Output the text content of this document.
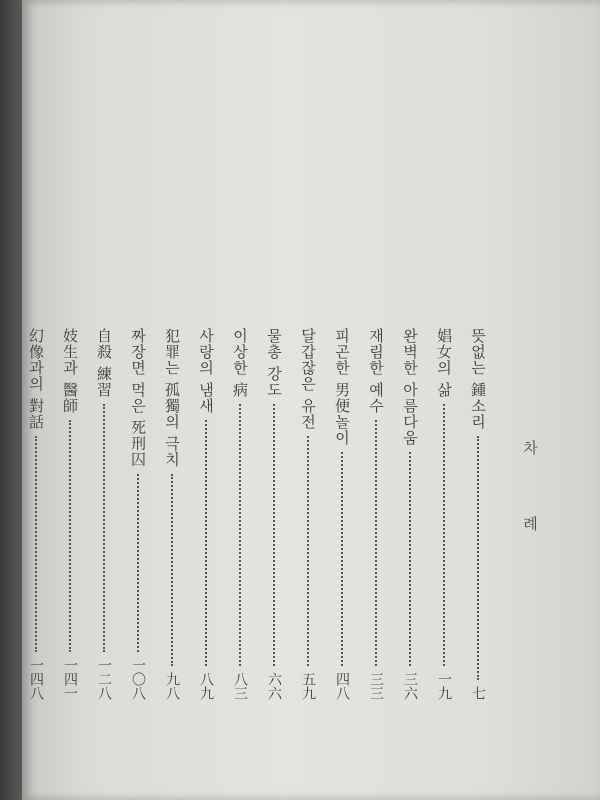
차 례
뜻없는 鍾소리
七
娼女의 삶
一九
완벽한 아름다움
三六
재림한 예수
三三
피곤한 男便놀이
四八
달갑잖은 유전
五九
물총 강도
六六
이상한 病
八三
사랑의 냄새
八九
犯罪는 孤獨의 극치
九八
짜장면 먹은 死刑囚
一〇八
自殺 練習
一二八
妓生과 醫師
一四一
幻像과의 對話
一四八
